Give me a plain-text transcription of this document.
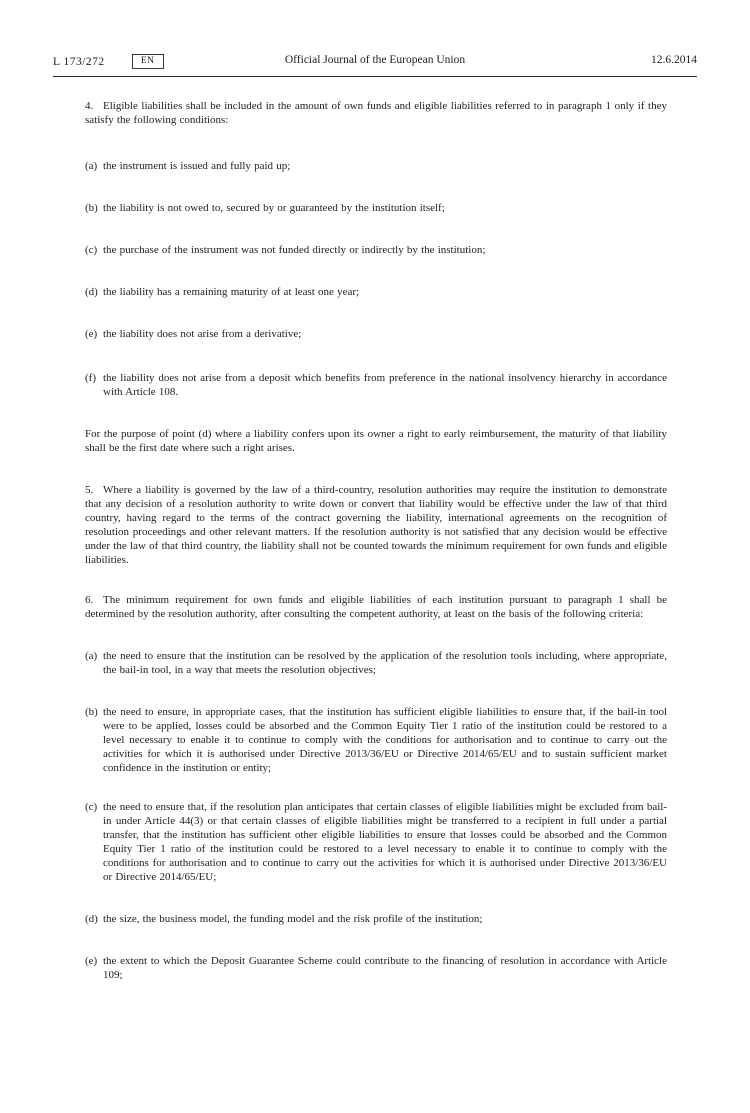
L 173/272	EN	Official Journal of the European Union	12.6.2014

4. Eligible liabilities shall be included in the amount of own funds and eligible liabilities referred to in paragraph 1 only if they satisfy the following conditions:

(a) the instrument is issued and fully paid up;
(b) the liability is not owed to, secured by or guaranteed by the institution itself;
(c) the purchase of the instrument was not funded directly or indirectly by the institution;
(d) the liability has a remaining maturity of at least one year;
(e) the liability does not arise from a derivative;
(f) the liability does not arise from a deposit which benefits from preference in the national insolvency hierarchy in accordance with Article 108.

For the purpose of point (d) where a liability confers upon its owner a right to early reimbursement, the maturity of that liability shall be the first date where such a right arises.

5. Where a liability is governed by the law of a third-country, resolution authorities may require the institution to demonstrate that any decision of a resolution authority to write down or convert that liability would be effective under the law of that third country, having regard to the terms of the contract governing the liability, international agreements on the recognition of resolution proceedings and other relevant matters. If the resolution authority is not satisfied that any decision would be effective under the law of that third country, the liability shall not be counted towards the minimum requirement for own funds and eligible liabilities.

6. The minimum requirement for own funds and eligible liabilities of each institution pursuant to paragraph 1 shall be determined by the resolution authority, after consulting the competent authority, at least on the basis of the following criteria:

(a) the need to ensure that the institution can be resolved by the application of the resolution tools including, where appropriate, the bail-in tool, in a way that meets the resolution objectives;
(b) the need to ensure, in appropriate cases, that the institution has sufficient eligible liabilities to ensure that, if the bail-in tool were to be applied, losses could be absorbed and the Common Equity Tier 1 ratio of the institution could be restored to a level necessary to enable it to continue to comply with the conditions for authorisation and to continue to carry out the activities for which it is authorised under Directive 2013/36/EU or Directive 2014/65/EU and to sustain sufficient market confidence in the institution or entity;
(c) the need to ensure that, if the resolution plan anticipates that certain classes of eligible liabilities might be excluded from bail-in under Article 44(3) or that certain classes of eligible liabilities might be transferred to a recipient in full under a partial transfer, that the institution has sufficient other eligible liabilities to ensure that losses could be absorbed and the Common Equity Tier 1 ratio of the institution could be restored to a level necessary to enable it to continue to comply with the conditions for authorisation and to continue to carry out the activities for which it is authorised under Directive 2013/36/EU or Directive 2014/65/EU;
(d) the size, the business model, the funding model and the risk profile of the institution;
(e) the extent to which the Deposit Guarantee Scheme could contribute to the financing of resolution in accordance with Article 109;
